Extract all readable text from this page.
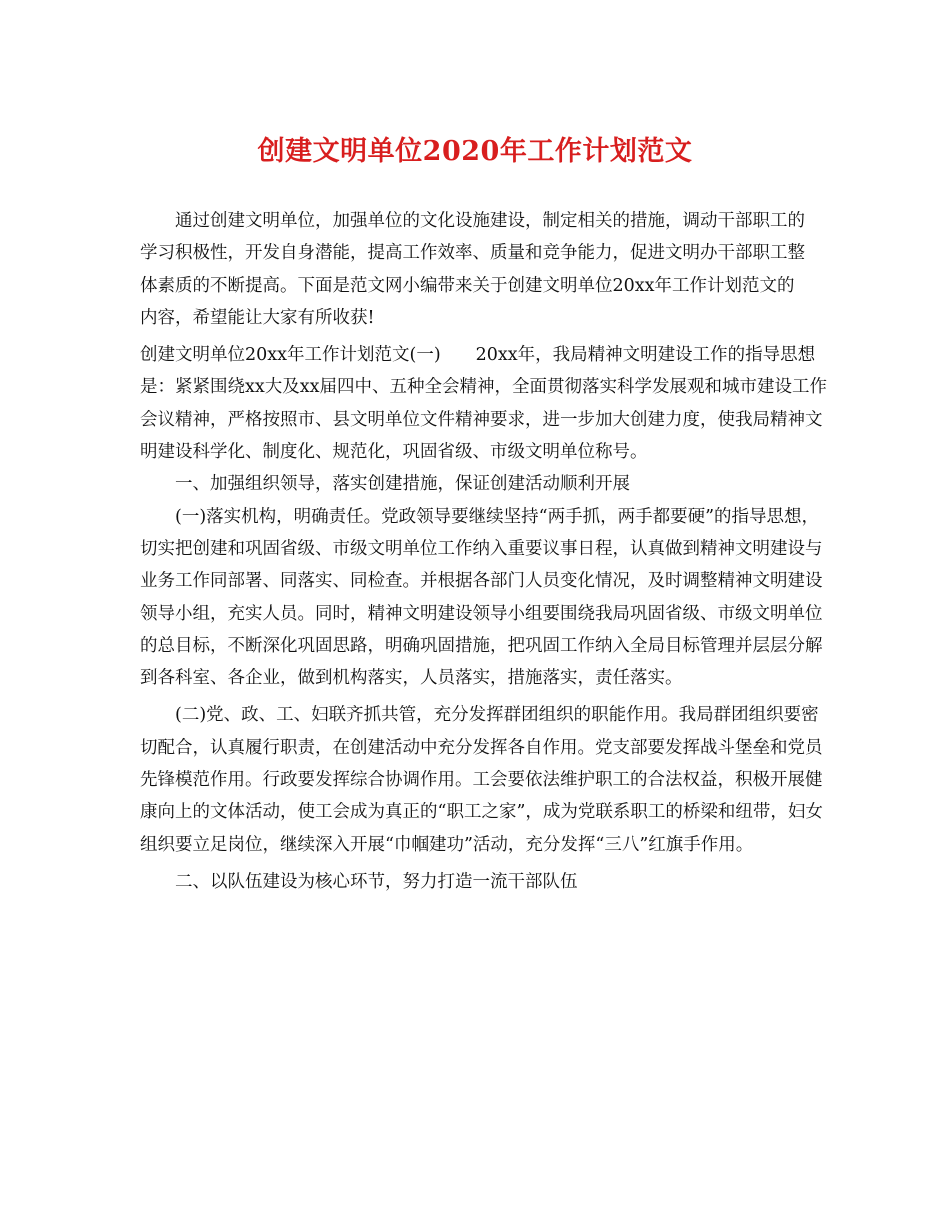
创建文明单位2020年工作计划范文

通过创建文明单位，加强单位的文化设施建设，制定相关的措施，调动干部职工的学习积极性，开发自身潜能，提高工作效率、质量和竞争能力，促进文明办干部职工整体素质的不断提高。下面是范文网小编带来关于创建文明单位20xx年工作计划范文的内容，希望能让大家有所收获!

创建文明单位20xx年工作计划范文(一)　　20xx年，我局精神文明建设工作的指导思想是：紧紧围绕xx大及xx届四中、五种全会精神，全面贯彻落实科学发展观和城市建设工作会议精神，严格按照市、县文明单位文件精神要求，进一步加大创建力度，使我局精神文明建设科学化、制度化、规范化，巩固省级、市级文明单位称号。

一、加强组织领导，落实创建措施，保证创建活动顺利开展

(一)落实机构，明确责任。党政领导要继续坚持“两手抓，两手都要硬”的指导思想，切实把创建和巩固省级、市级文明单位工作纳入重要议事日程，认真做到精神文明建设与业务工作同部署、同落实、同检查。并根据各部门人员变化情况，及时调整精神文明建设领导小组，充实人员。同时，精神文明建设领导小组要围绕我局巩固省级、市级文明单位的总目标，不断深化巩固思路，明确巩固措施，把巩固工作纳入全局目标管理并层层分解到各科室、各企业，做到机构落实，人员落实，措施落实，责任落实。

(二)党、政、工、妇联齐抓共管，充分发挥群团组织的职能作用。我局群团组织要密切配合，认真履行职责，在创建活动中充分发挥各自作用。党支部要发挥战斗堡垒和党员先锋模范作用。行政要发挥综合协调作用。工会要依法维护职工的合法权益，积极开展健康向上的文体活动，使工会成为真正的“职工之家”，成为党联系职工的桥梁和纽带，妇女组织要立足岗位，继续深入开展“巾帼建功”活动，充分发挥“三八”红旗手作用。

二、以队伍建设为核心环节，努力打造一流干部队伍
